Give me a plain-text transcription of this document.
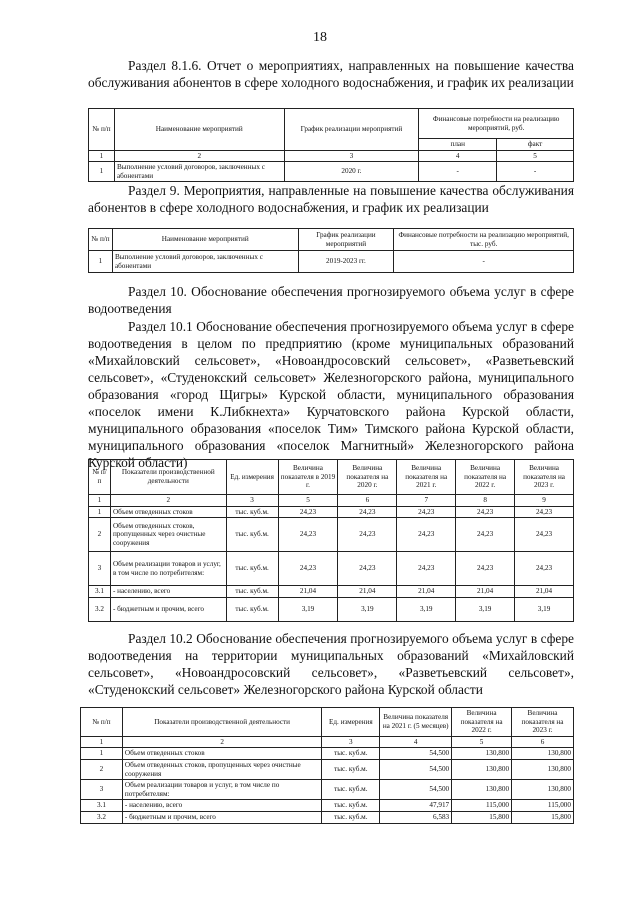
18

Раздел 8.1.6. Отчет о мероприятиях, направленных на повышение качества обслуживания абонентов в сфере холодного водоснабжения, и график их реализации

№ п/п	Наименование мероприятий	График реализации мероприятий	Финансовые потребности на реализацию мероприятий, руб.	
			план	факт
1	2	3	4	5
1	Выполнение условий договоров, заключенных с абонентами	2020 г.	-	-

Раздел 9. Мероприятия, направленные на повышение качества обслуживания абонентов в сфере холодного водоснабжения, и график их реализации

№ п/п	Наименование мероприятий	График реализации мероприятий	Финансовые потребности на реализацию мероприятий, тыс. руб.
1	Выполнение условий договоров, заключенных с абонентами	2019-2023 гг.	-

Раздел 10. Обоснование обеспечения прогнозируемого объема услуг в сфере водоотведения

Раздел 10.1 Обоснование обеспечения прогнозируемого объема услуг в сфере водоотведения в целом по предприятию (кроме муниципальных образований «Михайловский сельсовет», «Новоандросовский сельсовет», «Разветьевский сельсовет», «Студенокский сельсовет» Железногорского района, муниципального образования «город Щигры» Курской области, муниципального образования «поселок имени К.Либкнехта» Курчатовского района Курской области, муниципального образования «поселок Тим» Тимского района Курской области, муниципального образования «поселок Магнитный» Железногорского района Курской области)

№ п/п	Показатели производственной деятельности	Ед. измерения	Величина показателя в 2019 г.	Величина показателя на 2020 г.	Величина показателя на 2021 г.	Величина показателя на 2022 г.	Величина показателя на 2023 г.
1	2	3	5	6	7	8	9
1	Объем отведенных стоков	тыс. куб.м.	24,23	24,23	24,23	24,23	24,23
2	Объем отведенных стоков, пропущенных через очистные сооружения	тыс. куб.м.	24,23	24,23	24,23	24,23	24,23
3	Объем реализации товаров и услуг, в том числе по потребителям:	тыс. куб.м.	24,23	24,23	24,23	24,23	24,23
3.1	- населению, всего	тыс. куб.м.	21,04	21,04	21,04	21,04	21,04
3.2	- бюджетным и прочим, всего	тыс. куб.м.	3,19	3,19	3,19	3,19	3,19

Раздел 10.2 Обоснование обеспечения прогнозируемого объема услуг в сфере водоотведения на территории муниципальных образований «Михайловский сельсовет», «Новоандросовский сельсовет», «Разветьевский сельсовет», «Студенокский сельсовет» Железногорского района Курской области

№ п/п	Показатели производственной деятельности	Ед. измерения	Величина показателя на 2021 г. (5 месяцев)	Величина показателя на 2022 г.	Величина показателя на 2023 г.
1	2	3	4	5	6
1	Объем отведенных стоков	тыс. куб.м.	54,500	130,800	130,800
2	Объем отведенных стоков, пропущенных через очистные сооружения	тыс. куб.м.	54,500	130,800	130,800
3	Объем реализации товаров и услуг, в том числе по потребителям:	тыс. куб.м.	54,500	130,800	130,800
3.1	- населению, всего	тыс. куб.м.	47,917	115,000	115,000
3.2	- бюджетным и прочим, всего	тыс. куб.м.	6,583	15,800	15,800
